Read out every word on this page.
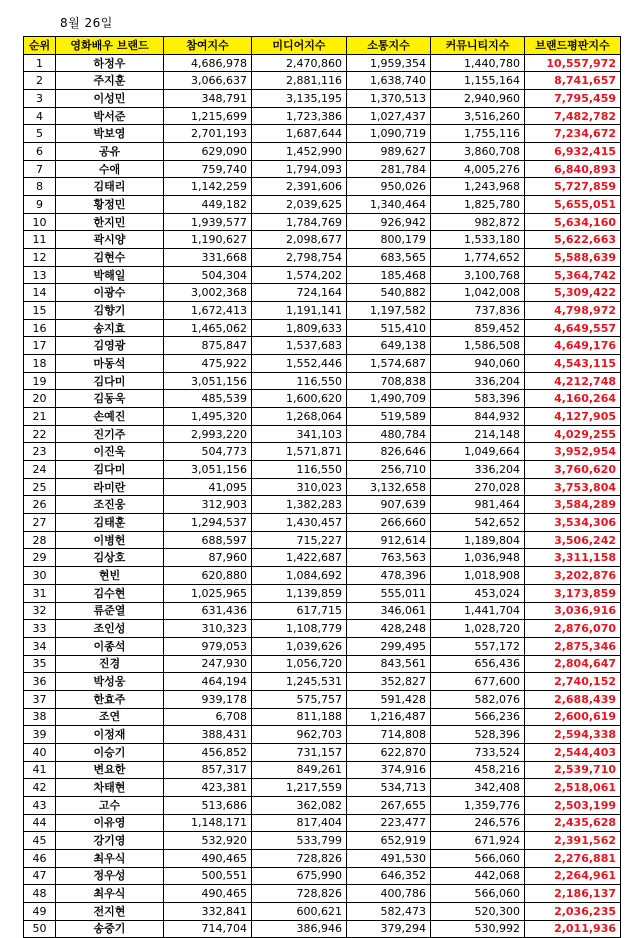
8월 26일
순위	영화배우 브랜드	참여지수	미디어지수	소통지수	커뮤니티지수	브랜드평판지수
1	하정우	4,686,978	2,470,860	1,959,354	1,440,780	10,557,972
2	주지훈	3,066,637	2,881,116	1,638,740	1,155,164	8,741,657
3	이성민	348,791	3,135,195	1,370,513	2,940,960	7,795,459
4	박서준	1,215,699	1,723,386	1,027,437	3,516,260	7,482,782
5	박보영	2,701,193	1,687,644	1,090,719	1,755,116	7,234,672
6	공유	629,090	1,452,990	989,627	3,860,708	6,932,415
7	수애	759,740	1,794,093	281,784	4,005,276	6,840,893
8	김태리	1,142,259	2,391,606	950,026	1,243,968	5,727,859
9	황정민	449,182	2,039,625	1,340,464	1,825,780	5,655,051
10	한지민	1,939,577	1,784,769	926,942	982,872	5,634,160
11	곽시양	1,190,627	2,098,677	800,179	1,533,180	5,622,663
12	김현수	331,668	2,798,754	683,565	1,774,652	5,588,639
13	박해일	504,304	1,574,202	185,468	3,100,768	5,364,742
14	이광수	3,002,368	724,164	540,882	1,042,008	5,309,422
15	김향기	1,672,413	1,191,141	1,197,582	737,836	4,798,972
16	송지효	1,465,062	1,809,633	515,410	859,452	4,649,557
17	김영광	875,847	1,537,683	649,138	1,586,508	4,649,176
18	마동석	475,922	1,552,446	1,574,687	940,060	4,543,115
19	김다미	3,051,156	116,550	708,838	336,204	4,212,748
20	김동욱	485,539	1,600,620	1,490,709	583,396	4,160,264
21	손예진	1,495,320	1,268,064	519,589	844,932	4,127,905
22	진기주	2,993,220	341,103	480,784	214,148	4,029,255
23	이진욱	504,773	1,571,871	826,646	1,049,664	3,952,954
24	김다미	3,051,156	116,550	256,710	336,204	3,760,620
25	라미란	41,095	310,023	3,132,658	270,028	3,753,804
26	조진웅	312,903	1,382,283	907,639	981,464	3,584,289
27	김태훈	1,294,537	1,430,457	266,660	542,652	3,534,306
28	이병헌	688,597	715,227	912,614	1,189,804	3,506,242
29	김상호	87,960	1,422,687	763,563	1,036,948	3,311,158
30	현빈	620,880	1,084,692	478,396	1,018,908	3,202,876
31	김수현	1,025,965	1,139,859	555,011	453,024	3,173,859
32	류준열	631,436	617,715	346,061	1,441,704	3,036,916
33	조인성	310,323	1,108,779	428,248	1,028,720	2,876,070
34	이종석	979,053	1,039,626	299,495	557,172	2,875,346
35	진경	247,930	1,056,720	843,561	656,436	2,804,647
36	박성웅	464,194	1,245,531	352,827	677,600	2,740,152
37	한효주	939,178	575,757	591,428	582,076	2,688,439
38	조연	6,708	811,188	1,216,487	566,236	2,600,619
39	이정재	388,431	962,703	714,808	528,396	2,594,338
40	이승기	456,852	731,157	622,870	733,524	2,544,403
41	변요한	857,317	849,261	374,916	458,216	2,539,710
42	차태현	423,381	1,217,559	534,713	342,408	2,518,061
43	고수	513,686	362,082	267,655	1,359,776	2,503,199
44	이유영	1,148,171	817,404	223,477	246,576	2,435,628
45	강기영	532,920	533,799	652,919	671,924	2,391,562
46	최우식	490,465	728,826	491,530	566,060	2,276,881
47	정우성	500,551	675,990	646,352	442,068	2,264,961
48	최우식	490,465	728,826	400,786	566,060	2,186,137
49	전지현	332,841	600,621	582,473	520,300	2,036,235
50	송중기	714,704	386,946	379,294	530,992	2,011,936
